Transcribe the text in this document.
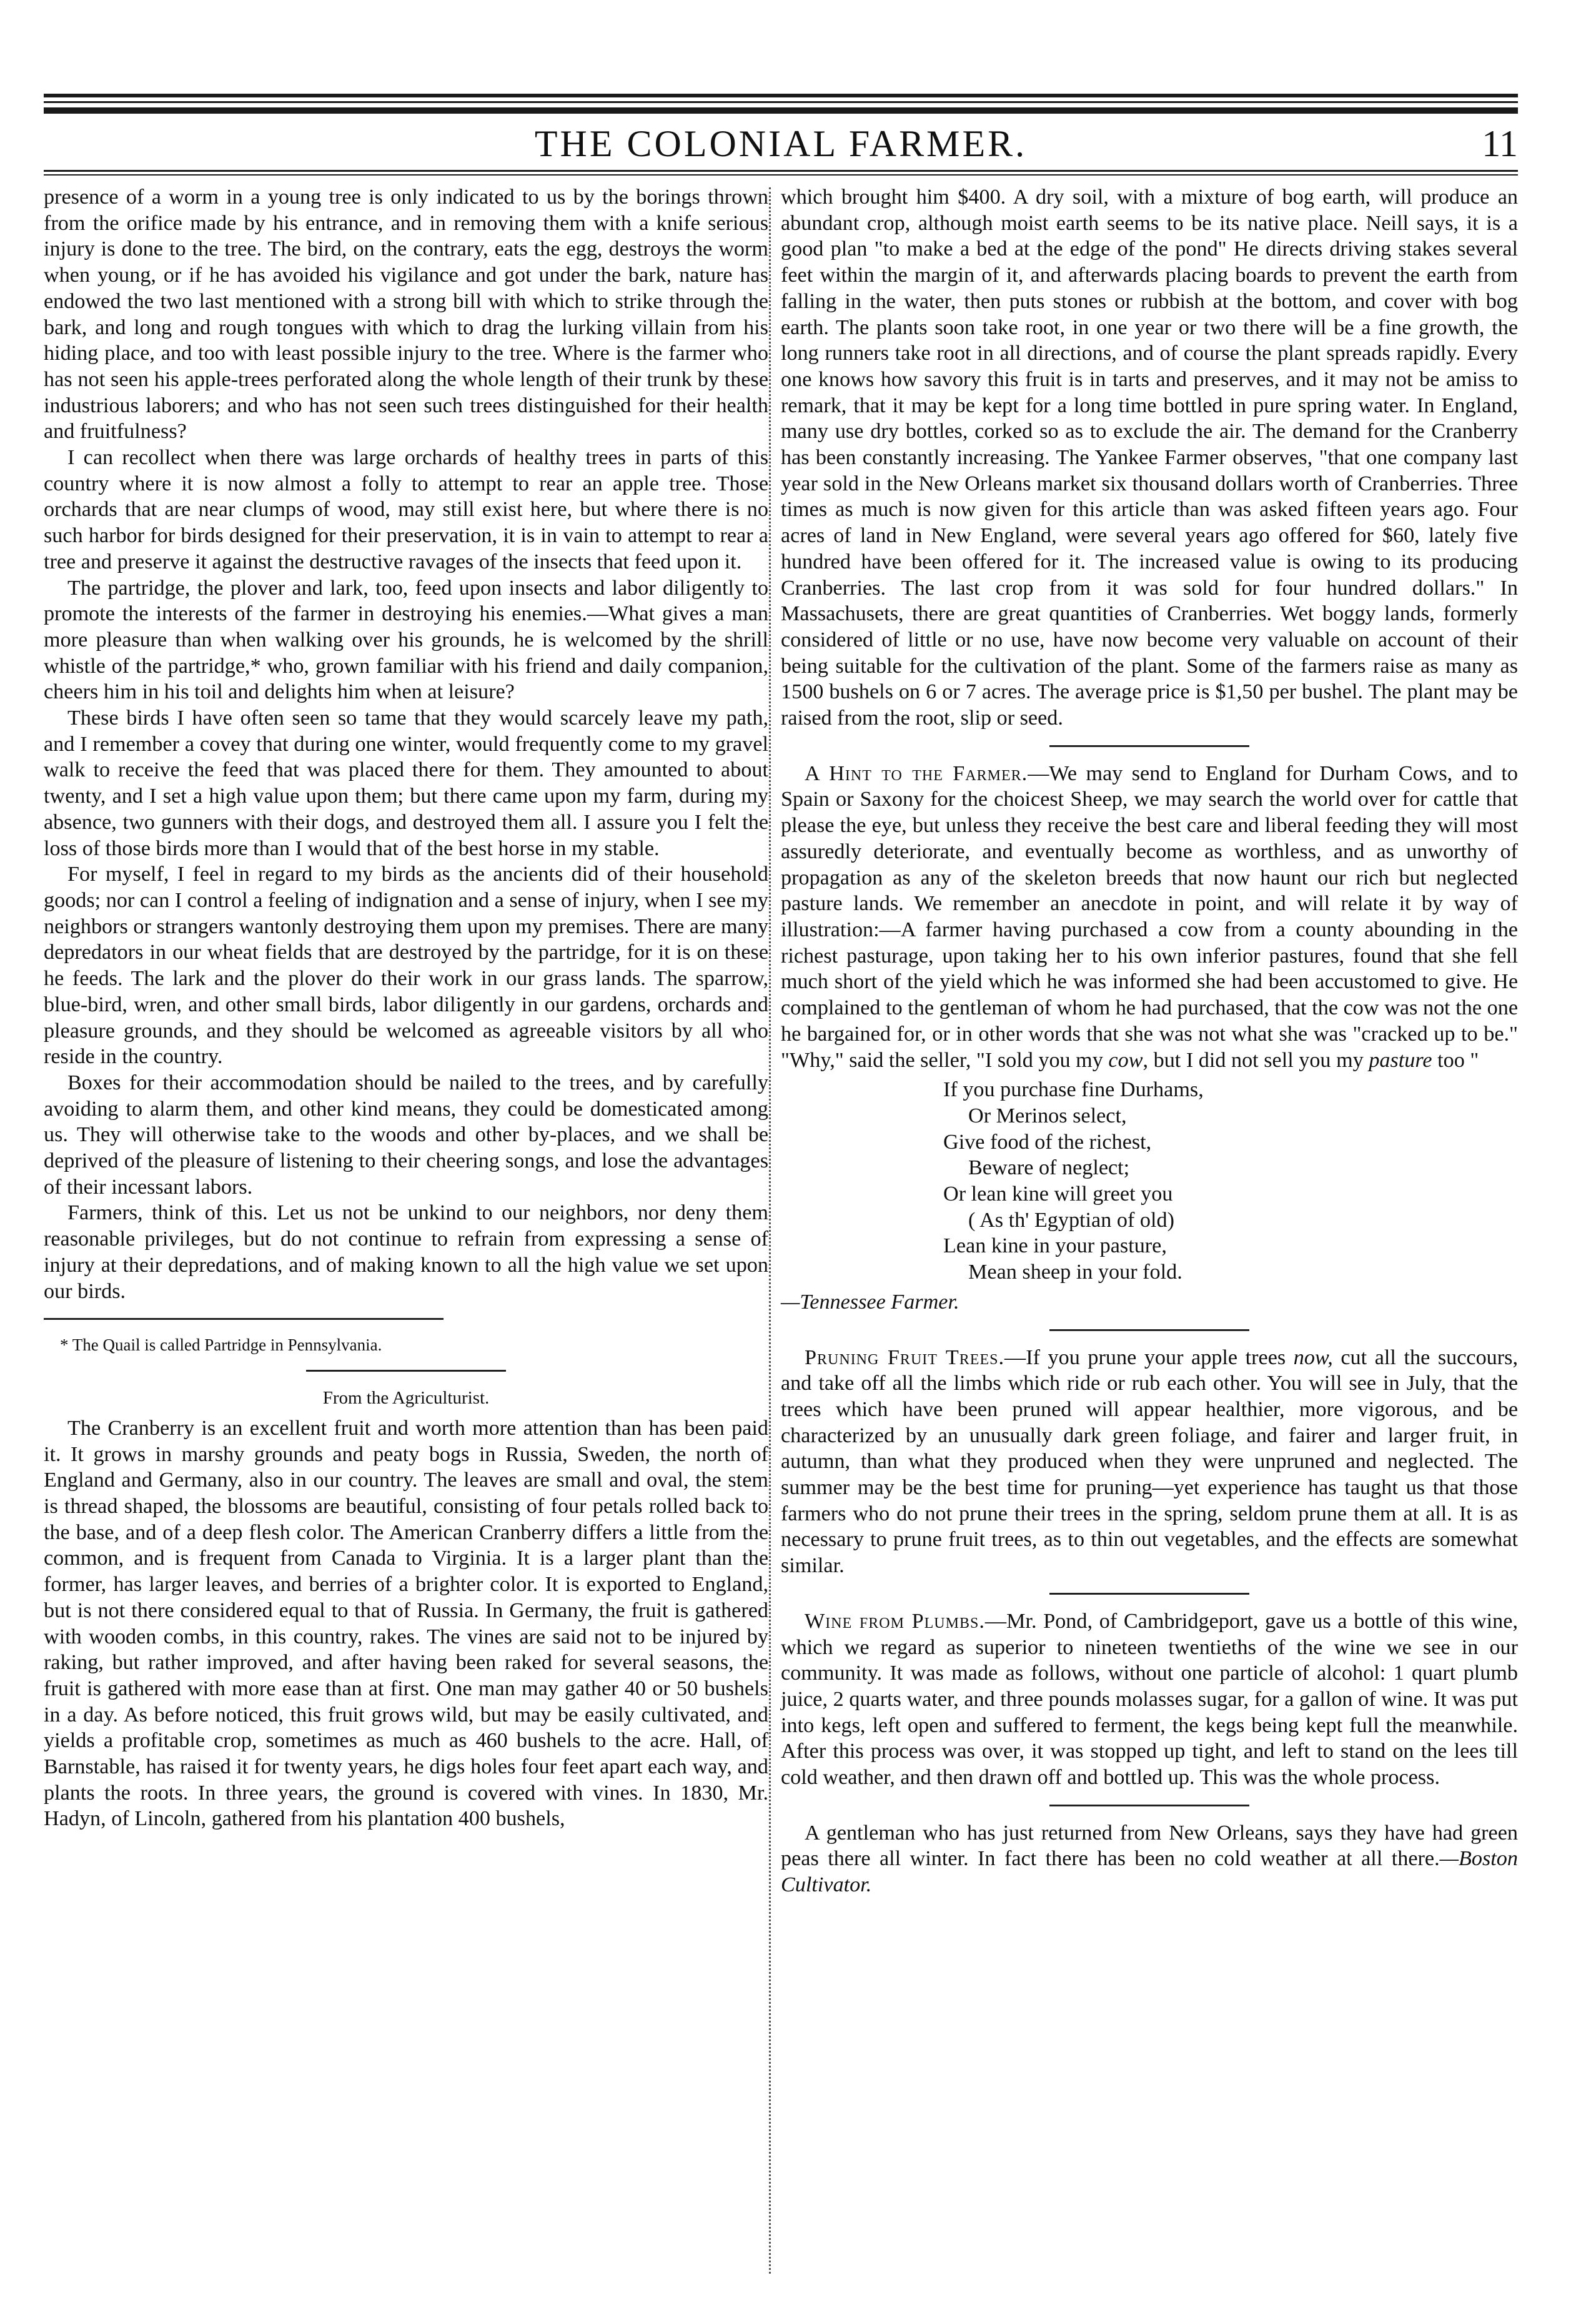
THE COLONIAL FARMER.	11

presence of a worm in a young tree is only indicated to us by the borings thrown from the orifice made by his entrance, and in removing them with a knife serious injury is done to the tree. The bird, on the contrary, eats the egg, destroys the worm when young, or if he has avoided his vigilance and got under the bark, nature has endowed the two last mentioned with a strong bill with which to strike through the bark, and long and rough tongues with which to drag the lurking villain from his hiding place, and too with least possible injury to the tree. Where is the farmer who has not seen his apple-trees perforated along the whole length of their trunk by these industrious laborers; and who has not seen such trees distinguished for their health and fruitfulness?

I can recollect when there was large orchards of healthy trees in parts of this country where it is now almost a folly to attempt to rear an apple tree. Those orchards that are near clumps of wood, may still exist here, but where there is no such harbor for birds designed for their preservation, it is in vain to attempt to rear a tree and preserve it against the destructive ravages of the insects that feed upon it.

The partridge, the plover and lark, too, feed upon insects and labor diligently to promote the interests of the farmer in destroying his enemies.—What gives a man more pleasure than when walking over his grounds, he is welcomed by the shrill whistle of the partridge,* who, grown familiar with his friend and daily companion, cheers him in his toil and delights him when at leisure?

These birds I have often seen so tame that they would scarcely leave my path, and I remember a covey that during one winter, would frequently come to my gravel walk to receive the feed that was placed there for them. They amounted to about twenty, and I set a high value upon them; but there came upon my farm, during my absence, two gunners with their dogs, and destroyed them all. I assure you I felt the loss of those birds more than I would that of the best horse in my stable.

For myself, I feel in regard to my birds as the ancients did of their household goods; nor can I control a feeling of indignation and a sense of injury, when I see my neighbors or strangers wantonly destroying them upon my premises. There are many depredators in our wheat fields that are destroyed by the partridge, for it is on these he feeds. The lark and the plover do their work in our grass lands. The sparrow, blue-bird, wren, and other small birds, labor diligently in our gardens, orchards and pleasure grounds, and they should be welcomed as agreeable visitors by all who reside in the country.

Boxes for their accommodation should be nailed to the trees, and by carefully avoiding to alarm them, and other kind means, they could be domesticated among us. They will otherwise take to the woods and other by-places, and we shall be deprived of the pleasure of listening to their cheering songs, and lose the advantages of their incessant labors.

Farmers, think of this. Let us not be unkind to our neighbors, nor deny them reasonable privileges, but do not continue to refrain from expressing a sense of injury at their depredations, and of making known to all the high value we set upon our birds.

* The Quail is called Partridge in Pennsylvania.

From the Agriculturist.

The Cranberry is an excellent fruit and worth more attention than has been paid it. It grows in marshy grounds and peaty bogs in Russia, Sweden, the north of England and Germany, also in our country. The leaves are small and oval, the stem is thread shaped, the blossoms are beautiful, consisting of four petals rolled back to the base, and of a deep flesh color. The American Cranberry differs a little from the common, and is frequent from Canada to Virginia. It is a larger plant than the former, has larger leaves, and berries of a brighter color. It is exported to England, but is not there considered equal to that of Russia. In Germany, the fruit is gathered with wooden combs, in this country, rakes. The vines are said not to be injured by raking, but rather improved, and after having been raked for several seasons, the fruit is gathered with more ease than at first. One man may gather 40 or 50 bushels in a day. As before noticed, this fruit grows wild, but may be easily cultivated, and yields a profitable crop, sometimes as much as 460 bushels to the acre. Hall, of Barnstable, has raised it for twenty years, he digs holes four feet apart each way, and plants the roots. In three years, the ground is covered with vines. In 1830, Mr. Hadyn, of Lincoln, gathered from his plantation 400 bushels,

which brought him $400. A dry soil, with a mixture of bog earth, will produce an abundant crop, although moist earth seems to be its native place. Neill says, it is a good plan "to make a bed at the edge of the pond" He directs driving stakes several feet within the margin of it, and afterwards placing boards to prevent the earth from falling in the water, then puts stones or rubbish at the bottom, and cover with bog earth. The plants soon take root, in one year or two there will be a fine growth, the long runners take root in all directions, and of course the plant spreads rapidly. Every one knows how savory this fruit is in tarts and preserves, and it may not be amiss to remark, that it may be kept for a long time bottled in pure spring water. In England, many use dry bottles, corked so as to exclude the air. The demand for the Cranberry has been constantly increasing. The Yankee Farmer observes, "that one company last year sold in the New Orleans market six thousand dollars worth of Cranberries. Three times as much is now given for this article than was asked fifteen years ago. Four acres of land in New England, were several years ago offered for $60, lately five hundred have been offered for it. The increased value is owing to its producing Cranberries. The last crop from it was sold for four hundred dollars." In Massachusets, there are great quantities of Cranberries. Wet boggy lands, formerly considered of little or no use, have now become very valuable on account of their being suitable for the cultivation of the plant. Some of the farmers raise as many as 1500 bushels on 6 or 7 acres. The average price is $1,50 per bushel. The plant may be raised from the root, slip or seed.

A Hint to the Farmer.—We may send to England for Durham Cows, and to Spain or Saxony for the choicest Sheep, we may search the world over for cattle that please the eye, but unless they receive the best care and liberal feeding they will most assuredly deteriorate, and eventually become as worthless, and as unworthy of propagation as any of the skeleton breeds that now haunt our rich but neglected pasture lands. We remember an anecdote in point, and will relate it by way of illustration:—A farmer having purchased a cow from a county abounding in the richest pasturage, upon taking her to his own inferior pastures, found that she fell much short of the yield which he was informed she had been accustomed to give. He complained to the gentleman of whom he had purchased, that the cow was not the one he bargained for, or in other words that she was not what she was "cracked up to be." "Why," said the seller, "I sold you my cow, but I did not sell you my pasture too "

If you purchase fine Durhams,
Or Merinos select,
Give food of the richest,
Beware of neglect;
Or lean kine will greet you
( As th' Egyptian of old)
Lean kine in your pasture,
Mean sheep in your fold.

—Tennessee Farmer.

Pruning Fruit Trees.—If you prune your apple trees now, cut all the succours, and take off all the limbs which ride or rub each other. You will see in July, that the trees which have been pruned will appear healthier, more vigorous, and be characterized by an unusually dark green foliage, and fairer and larger fruit, in autumn, than what they produced when they were unpruned and neglected. The summer may be the best time for pruning—yet experience has taught us that those farmers who do not prune their trees in the spring, seldom prune them at all. It is as necessary to prune fruit trees, as to thin out vegetables, and the effects are somewhat similar.

Wine from Plumbs.—Mr. Pond, of Cambridgeport, gave us a bottle of this wine, which we regard as superior to nineteen twentieths of the wine we see in our community. It was made as follows, without one particle of alcohol: 1 quart plumb juice, 2 quarts water, and three pounds molasses sugar, for a gallon of wine. It was put into kegs, left open and suffered to ferment, the kegs being kept full the meanwhile. After this process was over, it was stopped up tight, and left to stand on the lees till cold weather, and then drawn off and bottled up. This was the whole process.

A gentleman who has just returned from New Orleans, says they have had green peas there all winter. In fact there has been no cold weather at all there.—Boston Cultivator.
